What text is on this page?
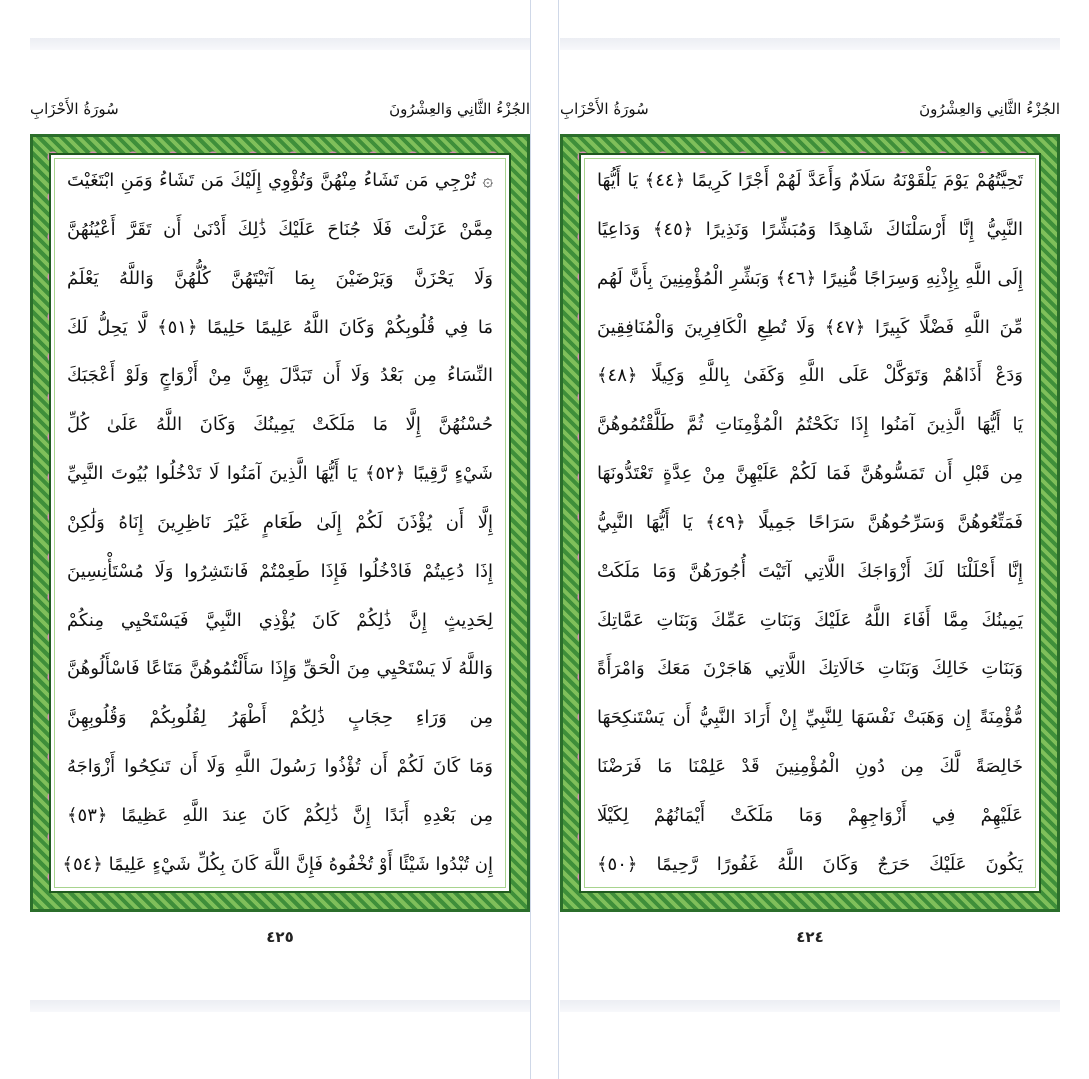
الجُزْءُ الثَّانِي وَالعِشْرُونَ
سُورَةُ الأَحْزَابِ
۞ تُرْجِي مَن تَشَاءُ مِنْهُنَّ وَتُؤْوِي إِلَيْكَ مَن تَشَاءُ وَمَنِ ابْتَغَيْتَ
مِمَّنْ عَزَلْتَ فَلَا جُنَاحَ عَلَيْكَ ذَٰلِكَ أَدْنَىٰ أَن تَقَرَّ أَعْيُنُهُنَّ
وَلَا يَحْزَنَّ وَيَرْضَيْنَ بِمَا آتَيْتَهُنَّ كُلُّهُنَّ وَاللَّهُ يَعْلَمُ
مَا فِي قُلُوبِكُمْ وَكَانَ اللَّهُ عَلِيمًا حَلِيمًا ﴿٥١﴾ لَّا يَحِلُّ لَكَ
النِّسَاءُ مِن بَعْدُ وَلَا أَن تَبَدَّلَ بِهِنَّ مِنْ أَزْوَاجٍ وَلَوْ أَعْجَبَكَ
حُسْنُهُنَّ إِلَّا مَا مَلَكَتْ يَمِينُكَ وَكَانَ اللَّهُ عَلَىٰ كُلِّ
شَيْءٍ رَّقِيبًا ﴿٥٢﴾ يَا أَيُّهَا الَّذِينَ آمَنُوا لَا تَدْخُلُوا بُيُوتَ النَّبِيِّ
إِلَّا أَن يُؤْذَنَ لَكُمْ إِلَىٰ طَعَامٍ غَيْرَ نَاظِرِينَ إِنَاهُ وَلَٰكِنْ
إِذَا دُعِيتُمْ فَادْخُلُوا فَإِذَا طَعِمْتُمْ فَانتَشِرُوا وَلَا مُسْتَأْنِسِينَ
لِحَدِيثٍ إِنَّ ذَٰلِكُمْ كَانَ يُؤْذِي النَّبِيَّ فَيَسْتَحْيِي مِنكُمْ
وَاللَّهُ لَا يَسْتَحْيِي مِنَ الْحَقِّ وَإِذَا سَأَلْتُمُوهُنَّ مَتَاعًا فَاسْأَلُوهُنَّ
مِن وَرَاءِ حِجَابٍ ذَٰلِكُمْ أَطْهَرُ لِقُلُوبِكُمْ وَقُلُوبِهِنَّ
وَمَا كَانَ لَكُمْ أَن تُؤْذُوا رَسُولَ اللَّهِ وَلَا أَن تَنكِحُوا أَزْوَاجَهُ
مِن بَعْدِهِ أَبَدًا إِنَّ ذَٰلِكُمْ كَانَ عِندَ اللَّهِ عَظِيمًا ﴿٥٣﴾
إِن تُبْدُوا شَيْئًا أَوْ تُخْفُوهُ فَإِنَّ اللَّهَ كَانَ بِكُلِّ شَيْءٍ عَلِيمًا ﴿٥٤﴾
٤٢٥
الجُزْءُ الثَّانِي وَالعِشْرُونَ
سُورَةُ الأَحْزَابِ
تَحِيَّتُهُمْ يَوْمَ يَلْقَوْنَهُ سَلَامٌ وَأَعَدَّ لَهُمْ أَجْرًا كَرِيمًا ﴿٤٤﴾ يَا أَيُّهَا
النَّبِيُّ إِنَّا أَرْسَلْنَاكَ شَاهِدًا وَمُبَشِّرًا وَنَذِيرًا ﴿٤٥﴾ وَدَاعِيًا
إِلَى اللَّهِ بِإِذْنِهِ وَسِرَاجًا مُّنِيرًا ﴿٤٦﴾ وَبَشِّرِ الْمُؤْمِنِينَ بِأَنَّ لَهُم
مِّنَ اللَّهِ فَضْلًا كَبِيرًا ﴿٤٧﴾ وَلَا تُطِعِ الْكَافِرِينَ وَالْمُنَافِقِينَ
وَدَعْ أَذَاهُمْ وَتَوَكَّلْ عَلَى اللَّهِ وَكَفَىٰ بِاللَّهِ وَكِيلًا ﴿٤٨﴾
يَا أَيُّهَا الَّذِينَ آمَنُوا إِذَا نَكَحْتُمُ الْمُؤْمِنَاتِ ثُمَّ طَلَّقْتُمُوهُنَّ
مِن قَبْلِ أَن تَمَسُّوهُنَّ فَمَا لَكُمْ عَلَيْهِنَّ مِنْ عِدَّةٍ تَعْتَدُّونَهَا
فَمَتِّعُوهُنَّ وَسَرِّحُوهُنَّ سَرَاحًا جَمِيلًا ﴿٤٩﴾ يَا أَيُّهَا النَّبِيُّ
إِنَّا أَحْلَلْنَا لَكَ أَزْوَاجَكَ اللَّاتِي آتَيْتَ أُجُورَهُنَّ وَمَا مَلَكَتْ
يَمِينُكَ مِمَّا أَفَاءَ اللَّهُ عَلَيْكَ وَبَنَاتِ عَمِّكَ وَبَنَاتِ عَمَّاتِكَ
وَبَنَاتِ خَالِكَ وَبَنَاتِ خَالَاتِكَ اللَّاتِي هَاجَرْنَ مَعَكَ وَامْرَأَةً
مُّؤْمِنَةً إِن وَهَبَتْ نَفْسَهَا لِلنَّبِيِّ إِنْ أَرَادَ النَّبِيُّ أَن يَسْتَنكِحَهَا
خَالِصَةً لَّكَ مِن دُونِ الْمُؤْمِنِينَ قَدْ عَلِمْنَا مَا فَرَضْنَا
عَلَيْهِمْ فِي أَزْوَاجِهِمْ وَمَا مَلَكَتْ أَيْمَانُهُمْ لِكَيْلَا
يَكُونَ عَلَيْكَ حَرَجٌ وَكَانَ اللَّهُ غَفُورًا رَّحِيمًا ﴿٥٠﴾
٤٢٤
